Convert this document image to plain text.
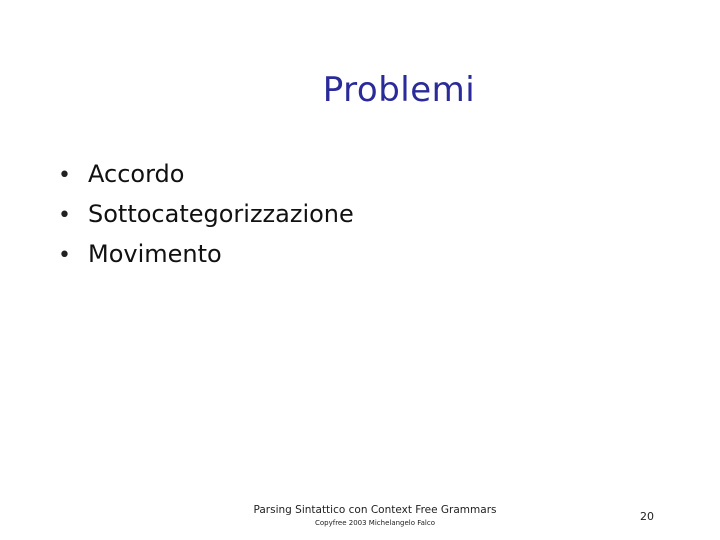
Problemi
• Accordo
• Sottocategorizzazione
• Movimento
Parsing Sintattico con Context Free Grammars
Copyfree 2003 Michelangelo Falco	20
